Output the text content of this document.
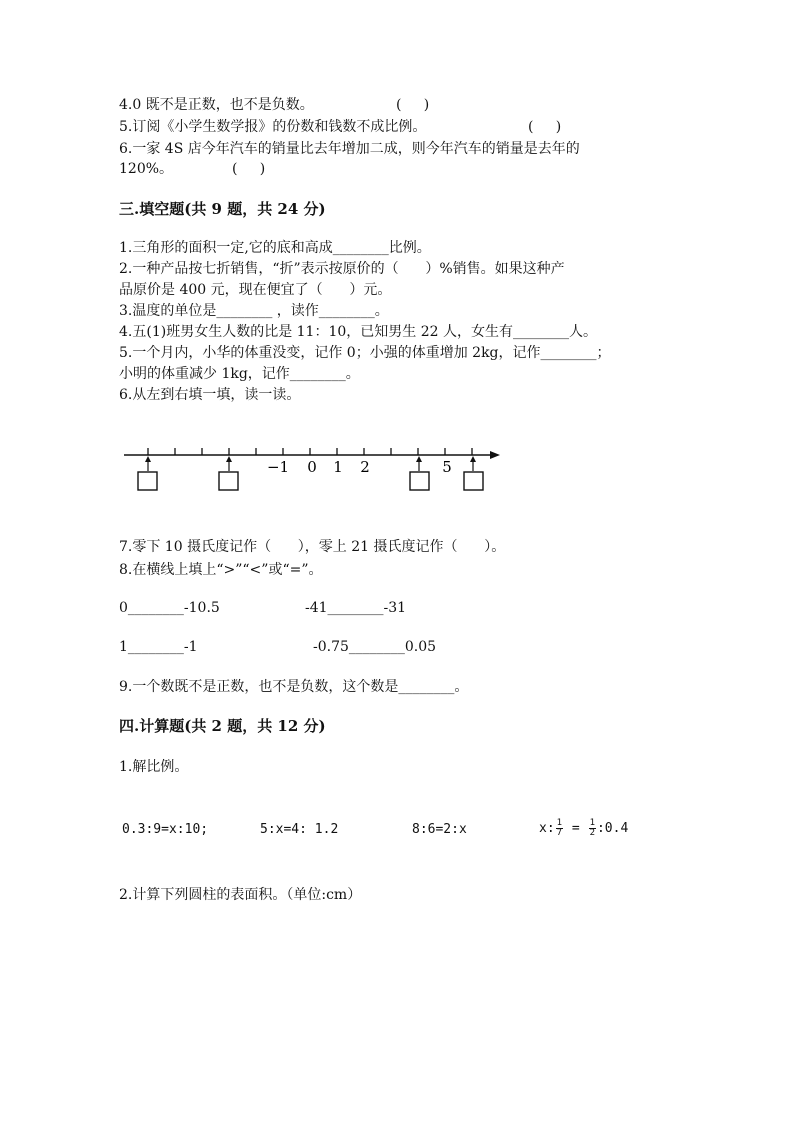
4.0 既不是正数，也不是负数。	(     )
5.订阅《小学生数学报》的份数和钱数不成比例。	(     )
6.一家 4S 店今年汽车的销量比去年增加二成，则今年汽车的销量是去年的
120%。	(     )
三.填空题(共 9 题，共 24 分)
1.三角形的面积一定,它的底和高成________比例。
2.一种产品按七折销售，“折”表示按原价的（      ）%销售。如果这种产
品原价是 400 元，现在便宜了（      ）元。
3.温度的单位是________ ，读作________。
4.五(1)班男女生人数的比是 11：10，已知男生 22 人，女生有________人。
5.一个月内，小华的体重没变，记作 0；小强的体重增加 2kg，记作________；
小明的体重减少 1kg，记作________。
6.从左到右填一填，读一读。
−1 0 1 2	5
7.零下 10 摄氏度记作（      ），零上 21 摄氏度记作（      ）。
8.在横线上填上“>”“<”或“=”。
0________-10.5	-41________-31
1________-1	-0.75________0.05
9.一个数既不是正数，也不是负数，这个数是________。
四.计算题(共 2 题，共 12 分)
1.解比例。
0.3:9=x:10;	5:x=4: 1.2	8:6=2:x	x: $\frac{1}{7} = \frac{1}{2}$ :0.4
2.计算下列圆柱的表面积。（单位:cm）
